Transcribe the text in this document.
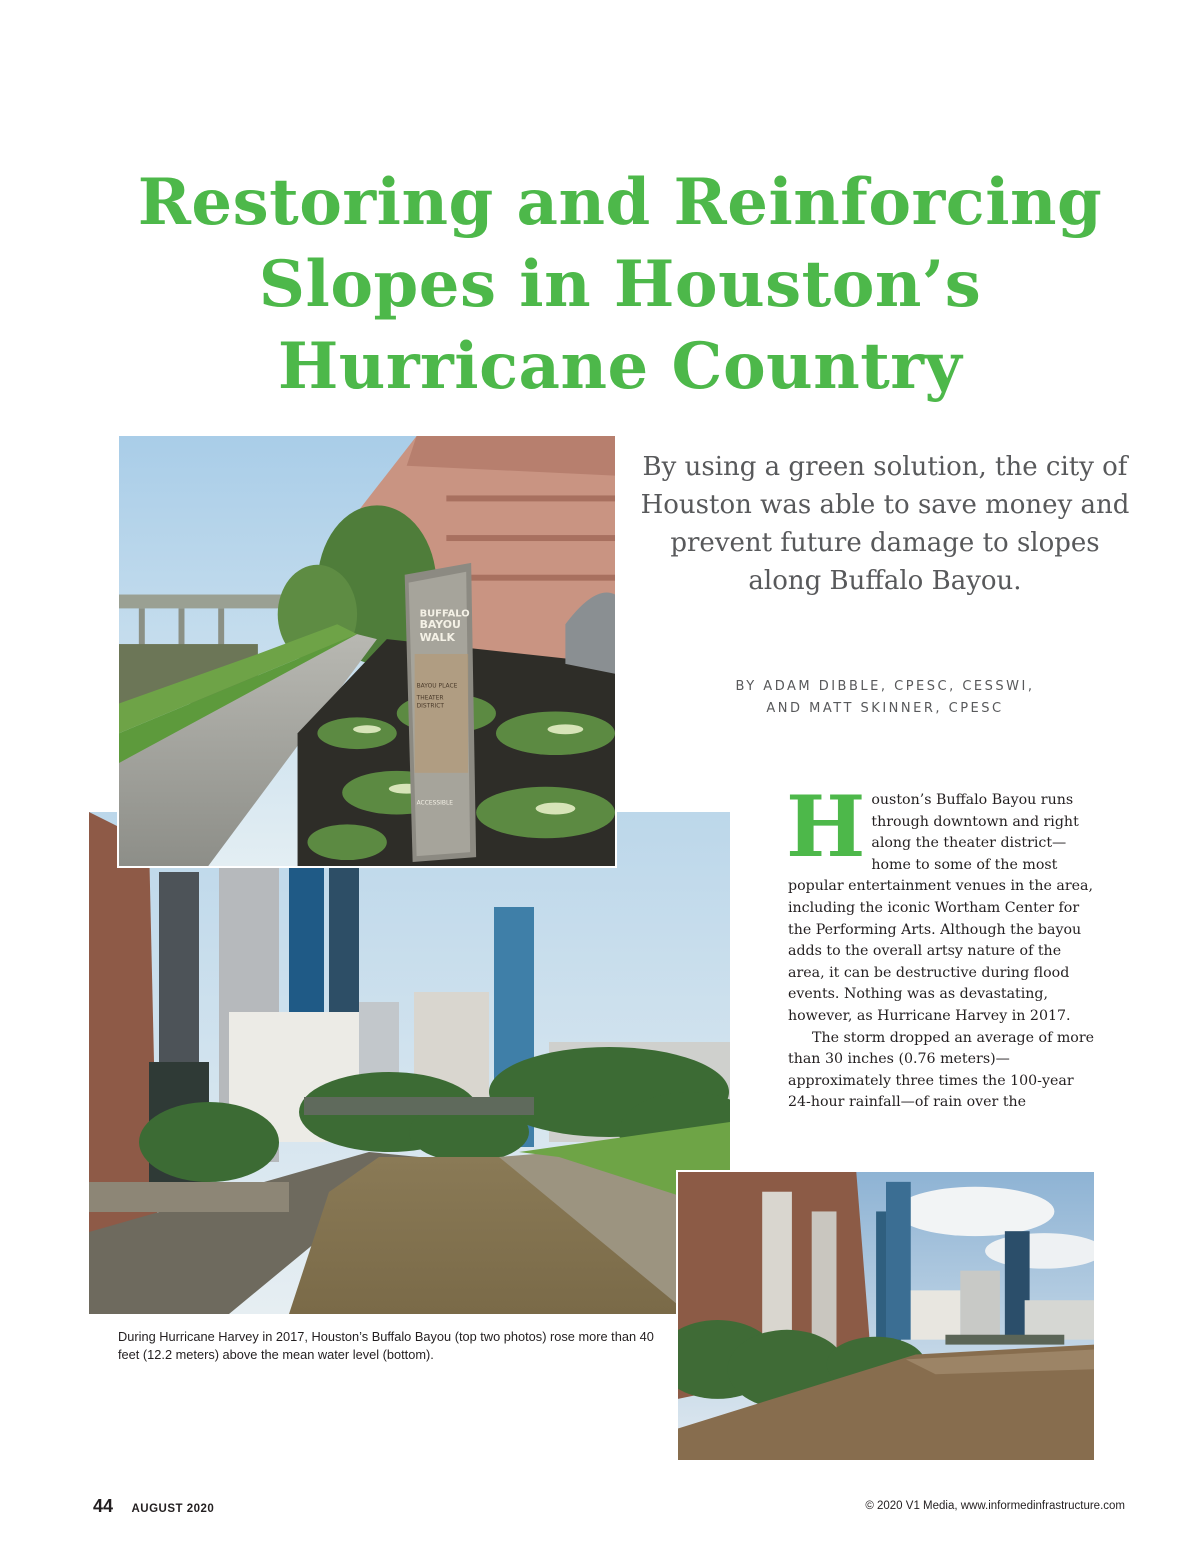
Restoring and Reinforcing
Slopes in Houston’s
Hurricane Country

By using a green solution, the city of Houston was able to save money and prevent future damage to slopes along Buffalo Bayou.

BY ADAM DIBBLE, CPESC, CESSWI,
AND MATT SKINNER, CPESC
BUFFALO
BAYOU
WALK
BAYOU PLACE
THEATER
DISTRICT
ACCESSIBLE	Houston’s Buffalo Bayou runs through downtown and right along the theater district—home to some of the most popular entertainment venues in the area, including the iconic Wortham Center for the Performing Arts. Although the bayou adds to the overall artsy nature of the area, it can be destructive during flood events. Nothing was as devastating, however, as Hurricane Harvey in 2017.

The storm dropped an average of more than 30 inches (0.76 meters)—approximately three times the 100-year 24-hour rainfall—of rain over the

During Hurricane Harvey in 2017, Houston’s Buffalo Bayou (top two photos) rose more than 40 feet (12.2 meters) above the mean water level (bottom).
44 AUGUST 2020	© 2020 V1 Media, www.informedinfrastructure.com
